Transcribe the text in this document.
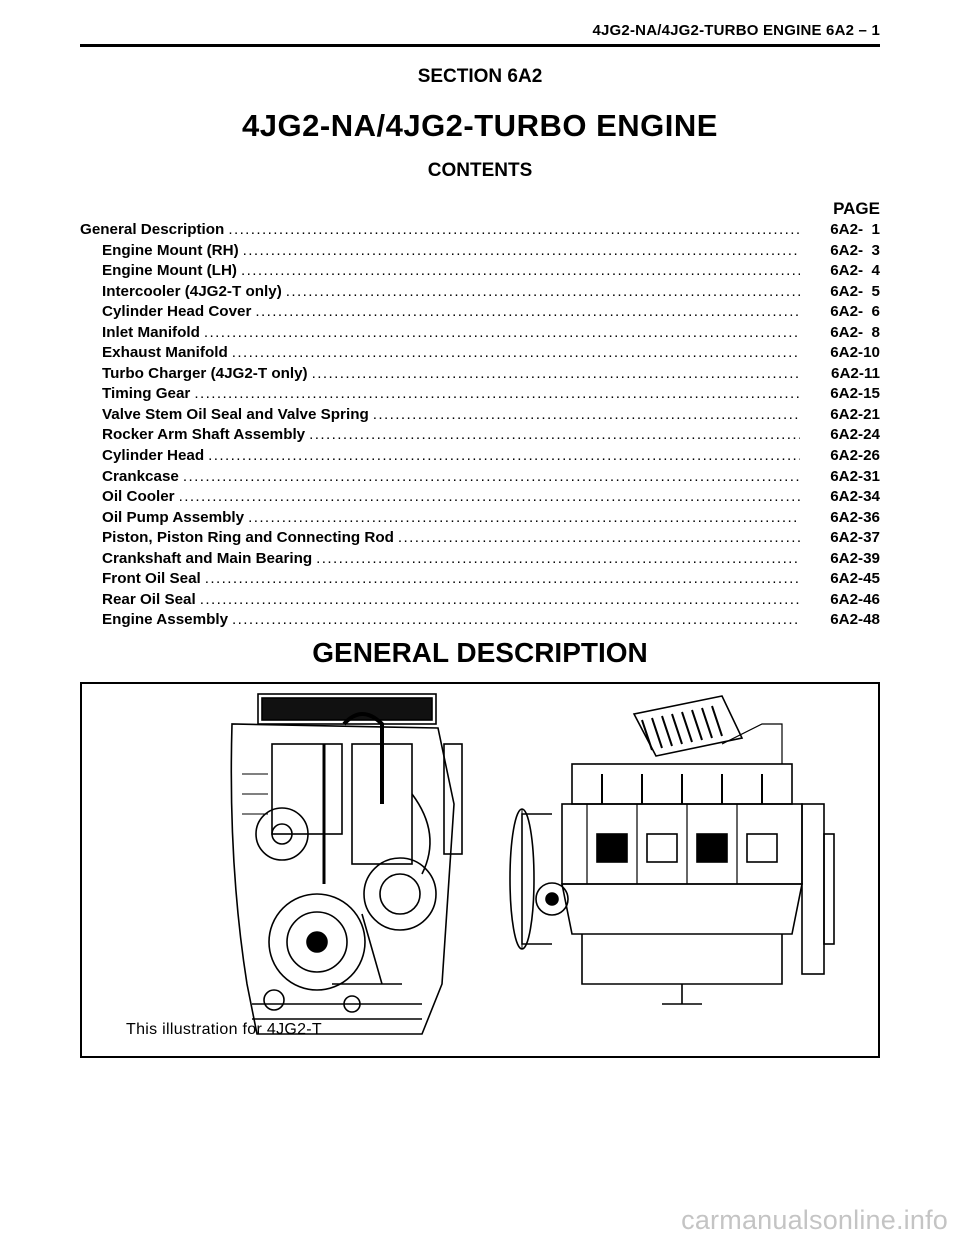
4JG2-NA/4JG2-TURBO ENGINE 6A2 – 1
SECTION 6A2
4JG2-NA/4JG2-TURBO ENGINE
CONTENTS
PAGE
General Description .....	6A2-  1
Engine Mount (RH) .....	6A2-  3
Engine Mount (LH) .....	6A2-  4
Intercooler (4JG2-T only) .....	6A2-  5
Cylinder Head Cover .....	6A2-  6
Inlet Manifold .....	6A2-  8
Exhaust Manifold .....	6A2-10
Turbo Charger (4JG2-T only) .....	6A2-11
Timing Gear .....	6A2-15
Valve Stem Oil Seal and Valve Spring .....	6A2-21
Rocker Arm Shaft Assembly .....	6A2-24
Cylinder Head .....	6A2-26
Crankcase .....	6A2-31
Oil Cooler .....	6A2-34
Oil Pump Assembly .....	6A2-36
Piston, Piston Ring and Connecting Rod .....	6A2-37
Crankshaft and Main Bearing .....	6A2-39
Front Oil Seal .....	6A2-45
Rear Oil Seal .....	6A2-46
Engine Assembly .....	6A2-48
GENERAL DESCRIPTION
This illustration for 4JG2-T
carmanualsonline.info
